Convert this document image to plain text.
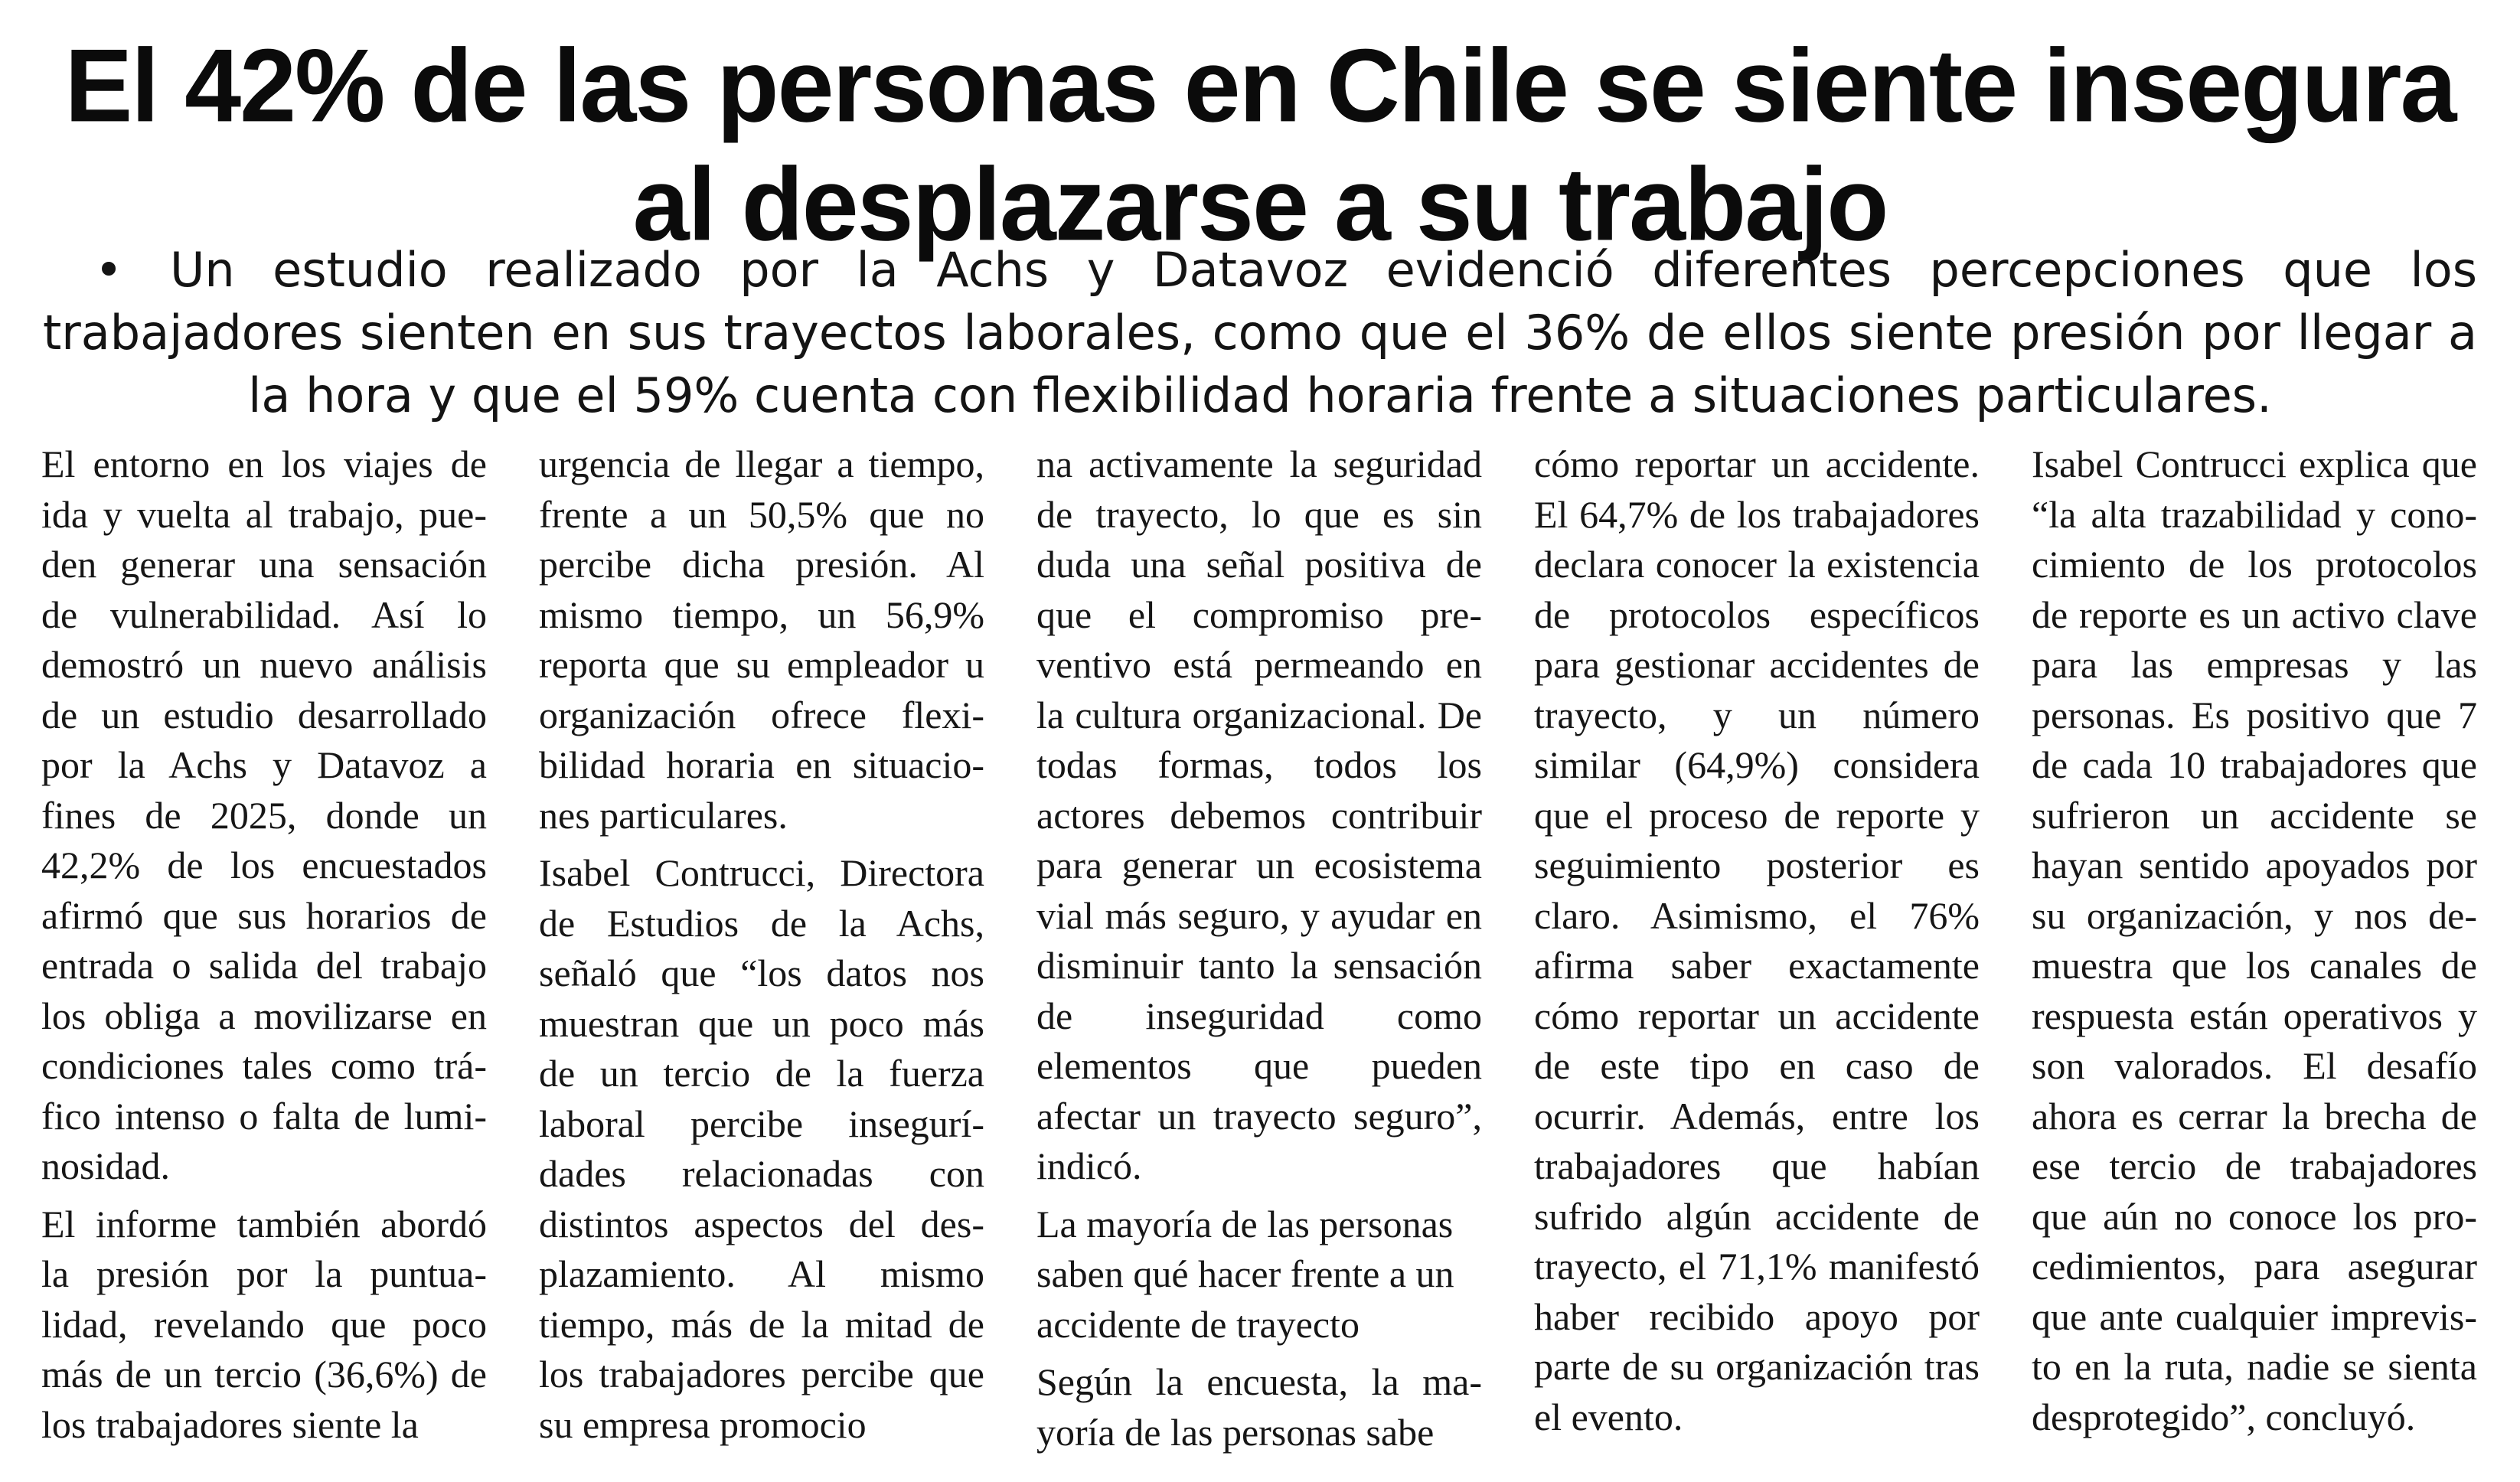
El 42% de las personas en Chile se siente insegura al desplazarse a su trabajo

• Un estudio realizado por la Achs y Datavoz evidenció diferentes percepciones que los trabajadores sienten en sus trayectos laborales, como que el 36% de ellos siente presión por llegar a la hora y que el 59% cuenta con flexibilidad horaria frente a situaciones particulares.

El entorno en los viajes de ida y vuelta al trabajo, pueden generar una sensación de vulnerabilidad. Así lo demostró un nuevo análisis de un estudio desarrollado por la Achs y Datavoz a fines de 2025, donde un 42,2% de los encuestados afirmó que sus horarios de entrada o salida del trabajo los obliga a movilizarse en condiciones tales como tráfico intenso o falta de luminosidad.

El informe también abordó la presión por la puntualidad, revelando que poco más de un tercio (36,6%) de los trabajadores siente la

urgencia de llegar a tiempo, frente a un 50,5% que no percibe dicha presión. Al mismo tiempo, un 56,9% reporta que su empleador u organización ofrece flexibilidad horaria en situaciones particulares.

Isabel Contrucci, Directora de Estudios de la Achs, señaló que “los datos nos muestran que un poco más de un tercio de la fuerza laboral percibe insegurídades relacionadas con distintos aspectos del desplazamiento. Al mismo tiempo, más de la mitad de los trabajadores percibe que su empresa promocio

na activamente la seguridad de trayecto, lo que es sin duda una señal positiva de que el compromiso preventivo está permeando en la cultura organizacional. De todas formas, todos los actores debemos contribuir para generar un ecosistema vial más seguro, y ayudar en disminuir tanto la sensación de inseguridad como elementos que pueden afectar un trayecto seguro”, indicó.

La mayoría de las personas saben qué hacer frente a un accidente de trayecto

Según la encuesta, la mayoría de las personas sabe

cómo reportar un accidente. El 64,7% de los trabajadores declara conocer la existencia de protocolos específicos para gestionar accidentes de trayecto, y un número similar (64,9%) considera que el proceso de reporte y seguimiento posterior es claro. Asimismo, el 76% afirma saber exactamente cómo reportar un accidente de este tipo en caso de ocurrir. Además, entre los trabajadores que habían sufrido algún accidente de trayecto, el 71,1% manifestó haber recibido apoyo por parte de su organización tras el evento.

Isabel Contrucci explica que “la alta trazabilidad y conocimiento de los protocolos de reporte es un activo clave para las empresas y las personas. Es positivo que 7 de cada 10 trabajadores que sufrieron un accidente se hayan sentido apoyados por su organización, y nos demuestra que los canales de respuesta están operativos y son valorados. El desafío ahora es cerrar la brecha de ese tercio de trabajadores que aún no conoce los procedimientos, para asegurar que ante cualquier imprevisto en la ruta, nadie se sienta desprotegido”, concluyó.
